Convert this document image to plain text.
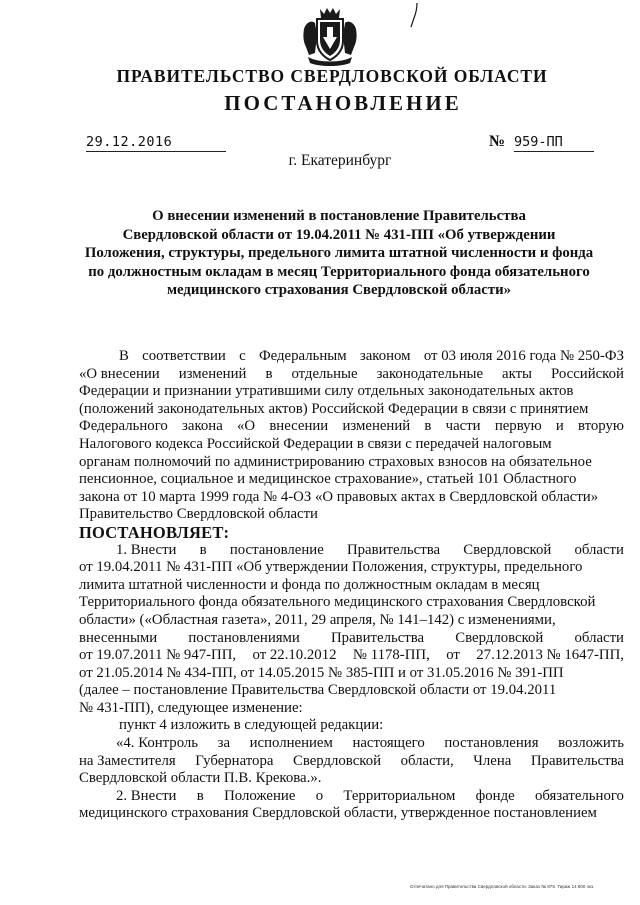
ПРАВИТЕЛЬСТВО СВЕРДЛОВСКОЙ ОБЛАСТИ
ПОСТАНОВЛЕНИЕ
29.12.2016	№ 959-ПП
г. Екатеринбург
О внесении изменений в постановление Правительства
Свердловской области от 19.04.2011 № 431-ПП «Об утверждении
Положения, структуры, предельного лимита штатной численности и фонда
по должностным окладам в месяц Территориального фонда обязательного
медицинского страхования Свердловской области»
В соответствии с Федеральным законом от 03 июля 2016 года № 250-ФЗ
«О внесении изменений в отдельные законодательные акты Российской
Федерации и признании утратившими силу отдельных законодательных актов
(положений законодательных актов) Российской Федерации в связи с принятием
Федерального закона «О внесении изменений в части первую и вторую
Налогового кодекса Российской Федерации в связи с передачей налоговым
органам полномочий по администрированию страховых взносов на обязательное
пенсионное, социальное и медицинское страхование», статьей 101 Областного
закона от 10 марта 1999 года № 4-ОЗ «О правовых актах в Свердловской области»
Правительство Свердловской области
ПОСТАНОВЛЯЕТ:
1. Внести в постановление Правительства Свердловской области
от 19.04.2011 № 431-ПП «Об утверждении Положения, структуры, предельного
лимита штатной численности и фонда по должностным окладам в месяц
Территориального фонда обязательного медицинского страхования Свердловской
области» («Областная газета», 2011, 29 апреля, № 141–142) с изменениями,
внесенными постановлениями Правительства Свердловской области
от 19.07.2011 № 947-ПП, от 22.10.2012 № 1178-ПП, от 27.12.2013 № 1647-ПП,
от 21.05.2014 № 434-ПП, от 14.05.2015 № 385-ПП и от 31.05.2016 № 391-ПП
(далее – постановление Правительства Свердловской области от 19.04.2011
№ 431-ПП), следующее изменение:
пункт 4 изложить в следующей редакции:
«4. Контроль за исполнением настоящего постановления возложить
на Заместителя Губернатора Свердловской области, Члена Правительства
Свердловской области П.В. Крекова.».
2. Внести в Положение о Территориальном фонде обязательного
медицинского страхования Свердловской области, утвержденное постановлением
Отпечатано для Правительства Свердловской области. Заказ № 875. Тираж 14 800 экз.
